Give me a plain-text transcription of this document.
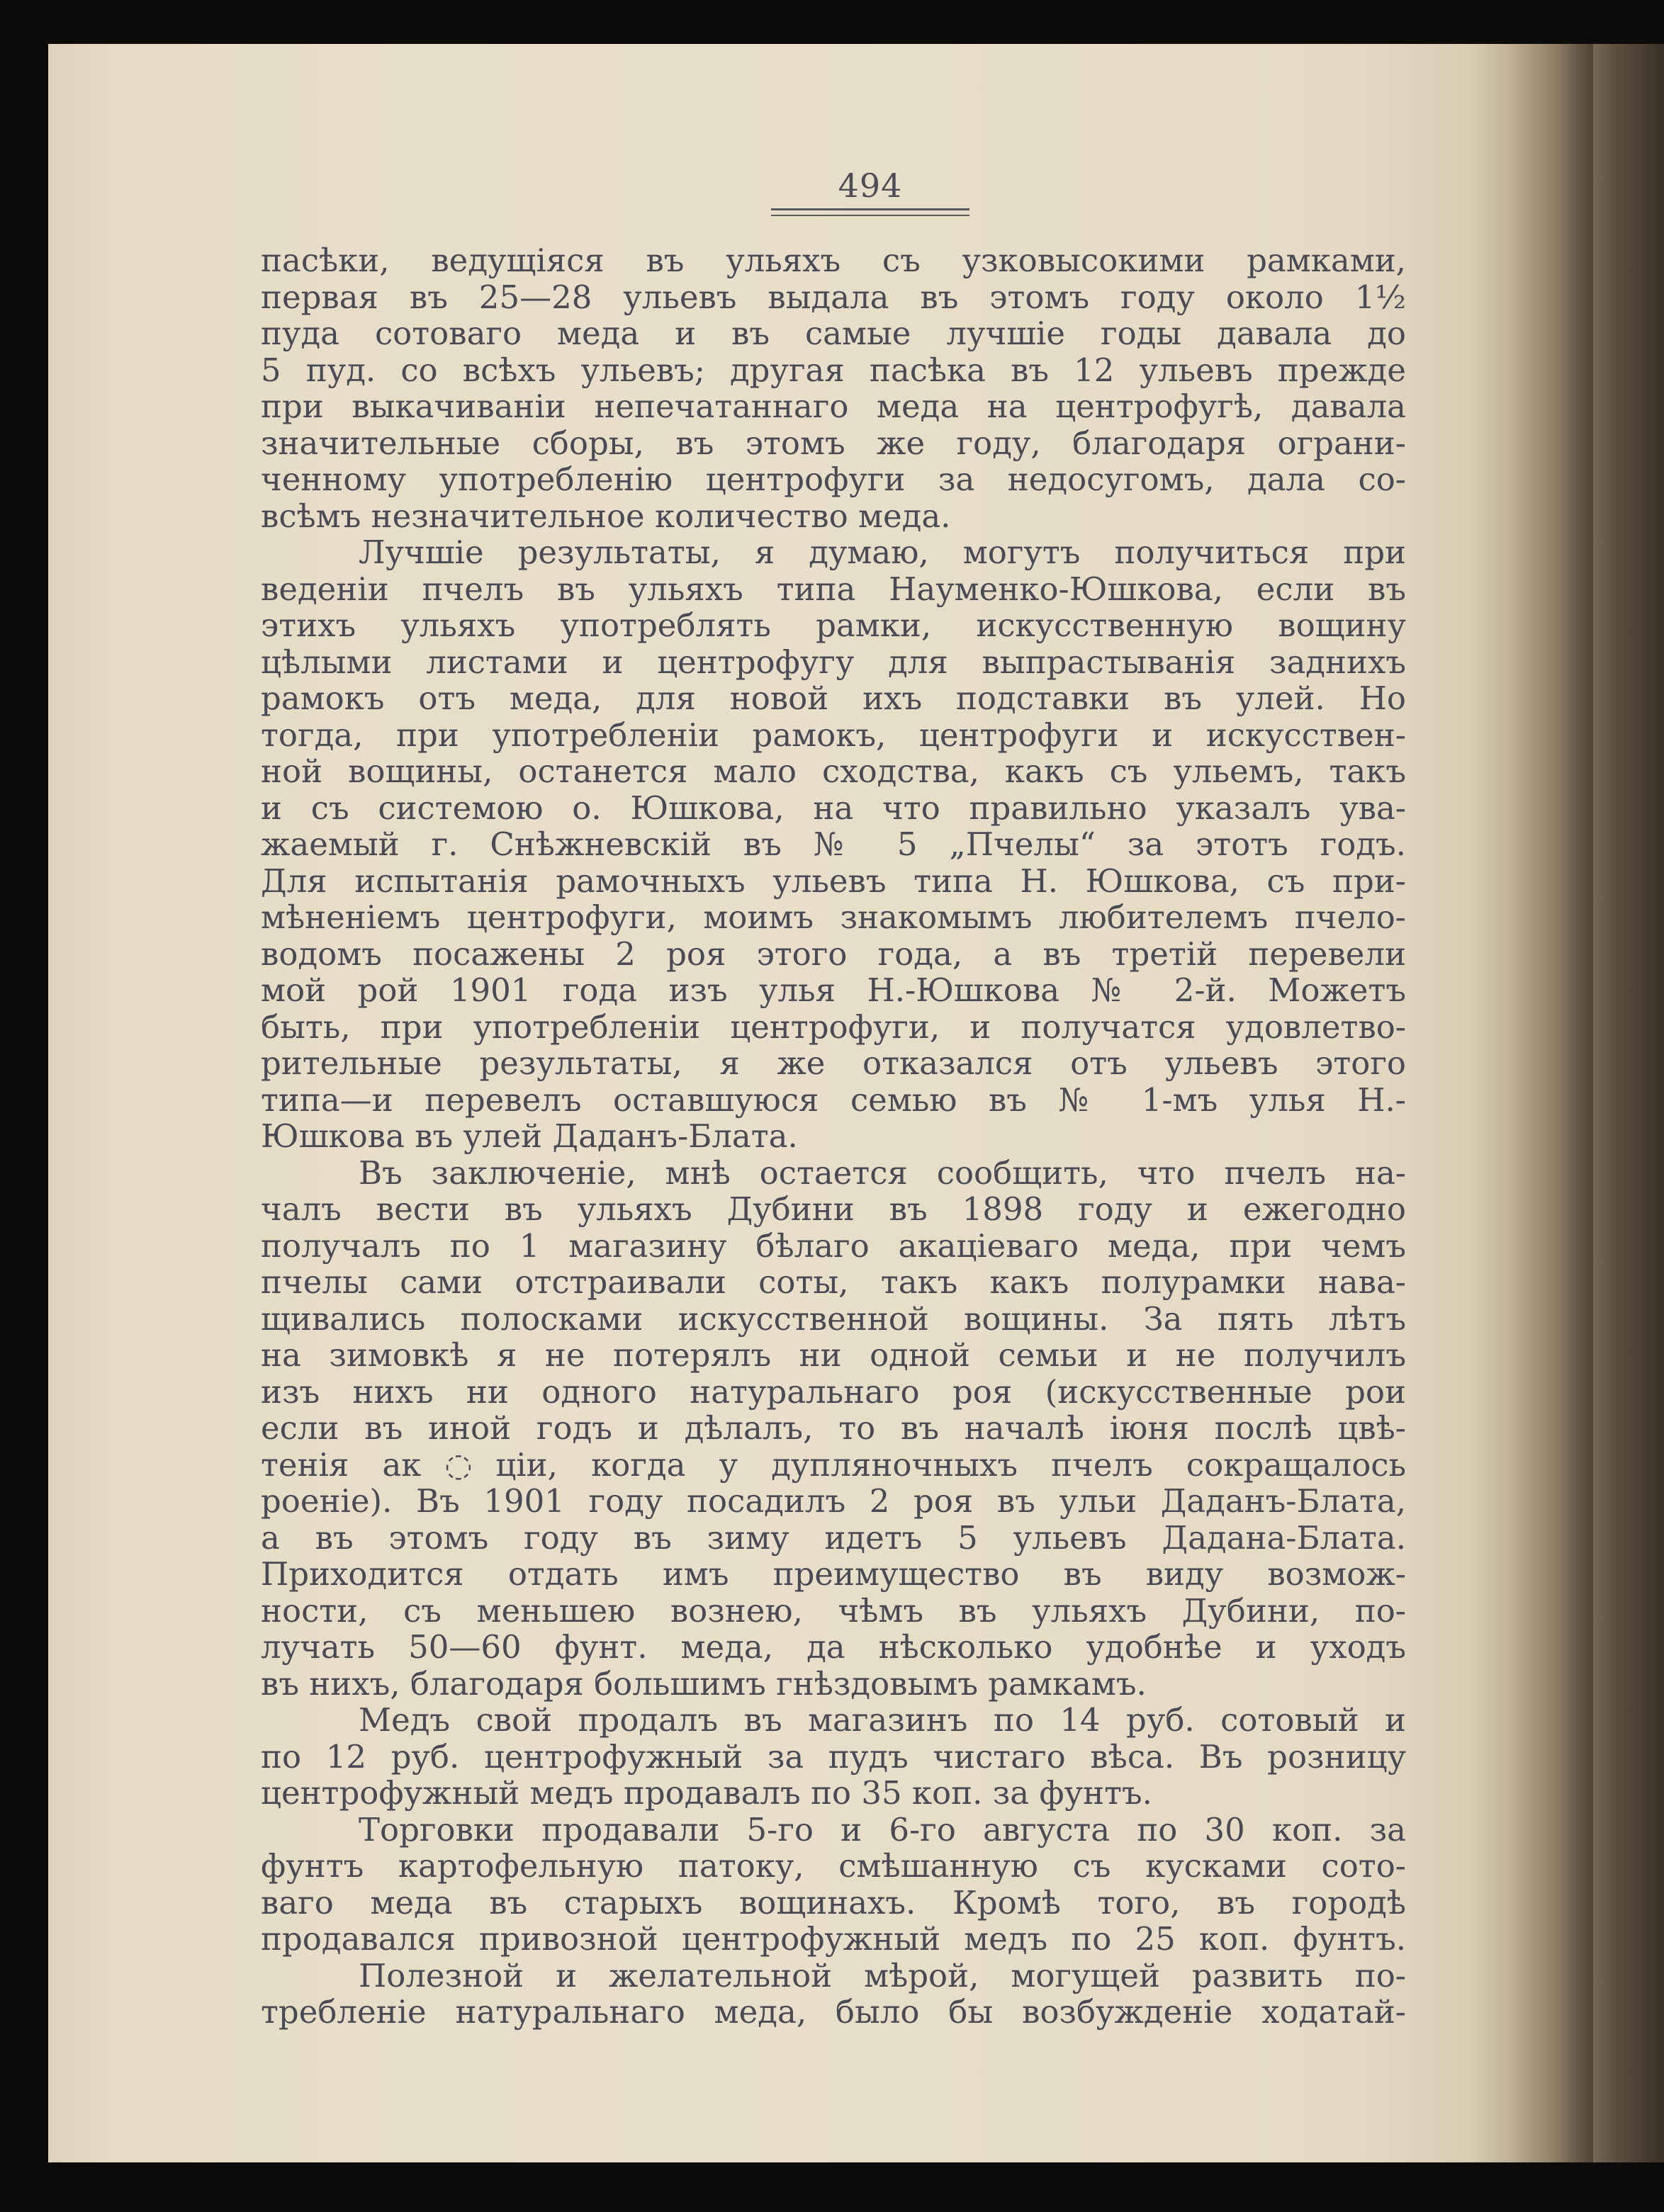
494
пасѣки, ведущiяся въ ульяхъ съ узковысокими рамками,
первая въ 25—28 ульевъ выдала въ этомъ году около 1½
пуда сотоваго меда и въ самые лучшiе годы давала до
5 пуд. со всѣхъ ульевъ; другая пасѣка въ 12 ульевъ прежде
при выкачиванiи непечатаннаго меда на центрофугѣ, давала
значительные сборы, въ этомъ же году, благодаря ограни-
ченному употребленiю центрофуги за недосугомъ, дала со-
всѣмъ незначительное количество меда.
Лучшiе результаты, я думаю, могутъ получиться при
веденiи пчелъ въ ульяхъ типа Науменко-Юшкова, если въ
этихъ ульяхъ употреблять рамки, искусственную вощину
цѣлыми листами и центрофугу для выпрастыванiя заднихъ
рамокъ отъ меда, для новой ихъ подставки въ улей. Но
тогда, при употребленiи рамокъ, центрофуги и искусствен-
ной вощины, останется мало сходства, какъ съ ульемъ, такъ
и съ системою о. Юшкова, на что правильно указалъ ува-
жаемый г. Снѣжневскiй въ № 5 „Пчелы“ за этотъ годъ.
Для испытанiя рамочныхъ ульевъ типа Н. Юшкова, съ при-
мѣненiемъ центрофуги, моимъ знакомымъ любителемъ пчело-
водомъ посажены 2 роя этого года, а въ третiй перевели
мой рой 1901 года изъ улья Н.-Юшкова № 2-й. Можетъ
быть, при употребленiи центрофуги, и получатся удовлетво-
рительные результаты, я же отказался отъ ульевъ этого
типа—и перевелъ оставшуюся семью въ № 1-мъ улья Н.-
Юшкова въ улей Даданъ-Блата.
Въ заключенiе, мнѣ остается сообщить, что пчелъ на-
чалъ вести въ ульяхъ Дубини въ 1898 году и ежегодно
получалъ по 1 магазину бѣлаго акацiеваго меда, при чемъ
пчелы сами отстраивали соты, такъ какъ полурамки нава-
щивались полосками искусственной вощины. За пять лѣтъ
на зимовкѣ я не потерялъ ни одной семьи и не получилъ
изъ нихъ ни одного натуральнаго роя (искусственные рои
если въ иной годъ и дѣлалъ, то въ началѣ iюня послѣ цвѣ-
тенiя ак◌цiи, когда у дупляночныхъ пчелъ сокращалось
роенiе). Въ 1901 году посадилъ 2 роя въ ульи Даданъ-Блата,
а въ этомъ году въ зиму идетъ 5 ульевъ Дадана-Блата.
Приходится отдать имъ преимущество въ виду возмож-
ности, съ меньшею вознею, чѣмъ въ ульяхъ Дубини, по-
лучать 50—60 фунт. меда, да нѣсколько удобнѣе и уходъ
въ нихъ, благодаря большимъ гнѣздовымъ рамкамъ.
Медъ свой продалъ въ магазинъ по 14 руб. сотовый и
по 12 руб. центрофужный за пудъ чистаго вѣса. Въ розницу
центрофужный медъ продавалъ по 35 коп. за фунтъ.
Торговки продавали 5-го и 6-го августа по 30 коп. за
фунтъ картофельную патоку, смѣшанную съ кусками сото-
ваго меда въ старыхъ вощинахъ. Кромѣ того, въ городѣ
продавался привозной центрофужный медъ по 25 коп. фунтъ.
Полезной и желательной мѣрой, могущей развить по-
требленiе натуральнаго меда, было бы возбужденiе ходатай-
